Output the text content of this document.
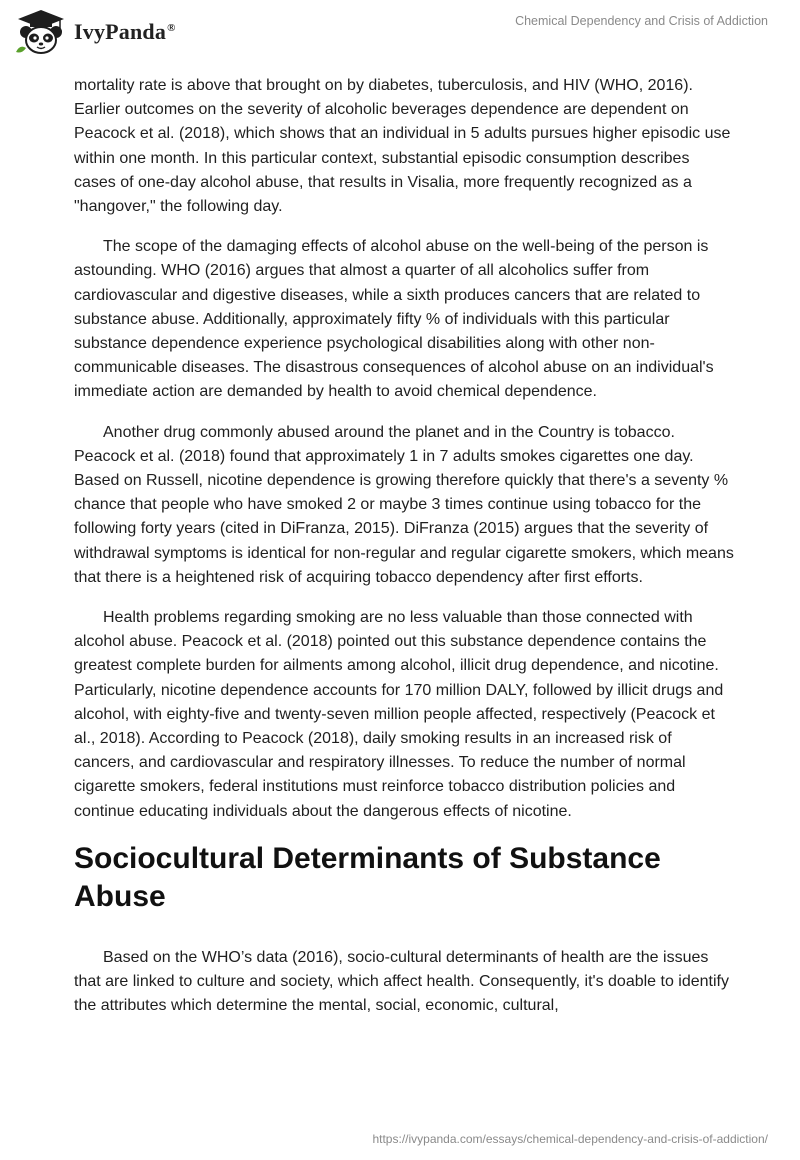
IvyPanda®	Chemical Dependency and Crisis of Addiction

mortality rate is above that brought on by diabetes, tuberculosis, and HIV (WHO, 2016). Earlier outcomes on the severity of alcoholic beverages dependence are dependent on Peacock et al. (2018), which shows that an individual in 5 adults pursues higher episodic use within one month. In this particular context, substantial episodic consumption describes cases of one-day alcohol abuse, that results in Visalia, more frequently recognized as a "hangover," the following day.

The scope of the damaging effects of alcohol abuse on the well-being of the person is astounding. WHO (2016) argues that almost a quarter of all alcoholics suffer from cardiovascular and digestive diseases, while a sixth produces cancers that are related to substance abuse. Additionally, approximately fifty % of individuals with this particular substance dependence experience psychological disabilities along with other non-communicable diseases. The disastrous consequences of alcohol abuse on an individual's immediate action are demanded by health to avoid chemical dependence.

Another drug commonly abused around the planet and in the Country is tobacco. Peacock et al. (2018) found that approximately 1 in 7 adults smokes cigarettes one day. Based on Russell, nicotine dependence is growing therefore quickly that there's a seventy % chance that people who have smoked 2 or maybe 3 times continue using tobacco for the following forty years (cited in DiFranza, 2015). DiFranza (2015) argues that the severity of withdrawal symptoms is identical for non-regular and regular cigarette smokers, which means that there is a heightened risk of acquiring tobacco dependency after first efforts.

Health problems regarding smoking are no less valuable than those connected with alcohol abuse. Peacock et al. (2018) pointed out this substance dependence contains the greatest complete burden for ailments among alcohol, illicit drug dependence, and nicotine. Particularly, nicotine dependence accounts for 170 million DALY, followed by illicit drugs and alcohol, with eighty-five and twenty-seven million people affected, respectively (Peacock et al., 2018). According to Peacock (2018), daily smoking results in an increased risk of cancers, and cardiovascular and respiratory illnesses. To reduce the number of normal cigarette smokers, federal institutions must reinforce tobacco distribution policies and continue educating individuals about the dangerous effects of nicotine.

Sociocultural Determinants of Substance Abuse

Based on the WHO’s data (2016), socio-cultural determinants of health are the issues that are linked to culture and society, which affect health. Consequently, it's doable to identify the attributes which determine the mental, social, economic, cultural,

https://ivypanda.com/essays/chemical-dependency-and-crisis-of-addiction/
